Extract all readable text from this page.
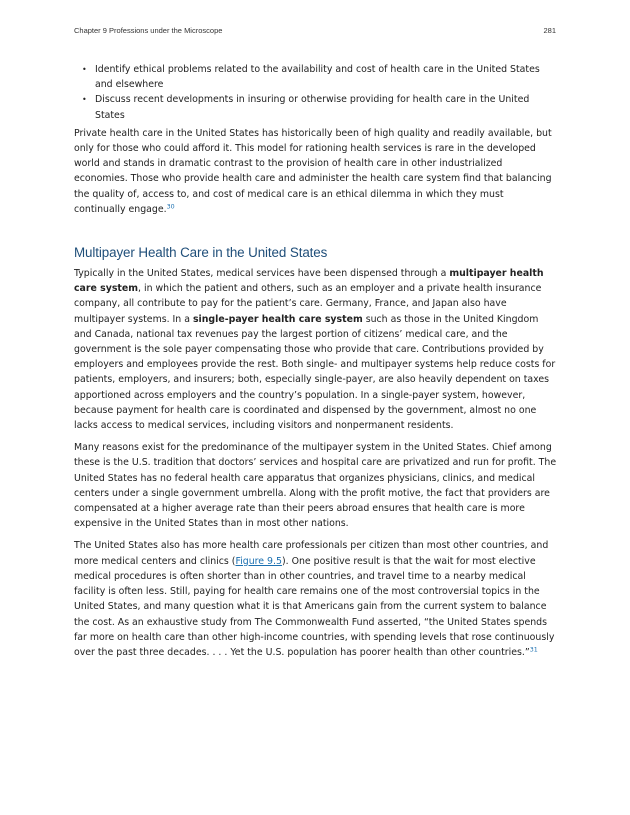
Chapter 9 Professions under the Microscope	281
• Identify ethical problems related to the availability and cost of health care in the United States and elsewhere
• Discuss recent developments in insuring or otherwise providing for health care in the United States

Private health care in the United States has historically been of high quality and readily available, but only for those who could afford it. This model for rationing health services is rare in the developed world and stands in dramatic contrast to the provision of health care in other industrialized economies. Those who provide health care and administer the health care system find that balancing the quality of, access to, and cost of medical care is an ethical dilemma in which they must continually engage.$^{30}$

Multipayer Health Care in the United States

Typically in the United States, medical services have been dispensed through a multipayer health care system, in which the patient and others, such as an employer and a private health insurance company, all contribute to pay for the patient’s care. Germany, France, and Japan also have multipayer systems. In a single-payer health care system such as those in the United Kingdom and Canada, national tax revenues pay the largest portion of citizens’ medical care, and the government is the sole payer compensating those who provide that care. Contributions provided by employers and employees provide the rest. Both single- and multipayer systems help reduce costs for patients, employers, and insurers; both, especially single-payer, are also heavily dependent on taxes apportioned across employers and the country’s population. In a single-payer system, however, because payment for health care is coordinated and dispensed by the government, almost no one lacks access to medical services, including visitors and nonpermanent residents.

Many reasons exist for the predominance of the multipayer system in the United States. Chief among these is the U.S. tradition that doctors’ services and hospital care are privatized and run for profit. The United States has no federal health care apparatus that organizes physicians, clinics, and medical centers under a single government umbrella. Along with the profit motive, the fact that providers are compensated at a higher average rate than their peers abroad ensures that health care is more expensive in the United States than in most other nations.

The United States also has more health care professionals per citizen than most other countries, and more medical centers and clinics (Figure 9.5). One positive result is that the wait for most elective medical procedures is often shorter than in other countries, and travel time to a nearby medical facility is often less. Still, paying for health care remains one of the most controversial topics in the United States, and many question what it is that Americans gain from the current system to balance the cost. As an exhaustive study from The Commonwealth Fund asserted, “the United States spends far more on health care than other high-income countries, with spending levels that rose continuously over the past three decades. . . . Yet the U.S. population has poorer health than other countries.”$^{31}$
